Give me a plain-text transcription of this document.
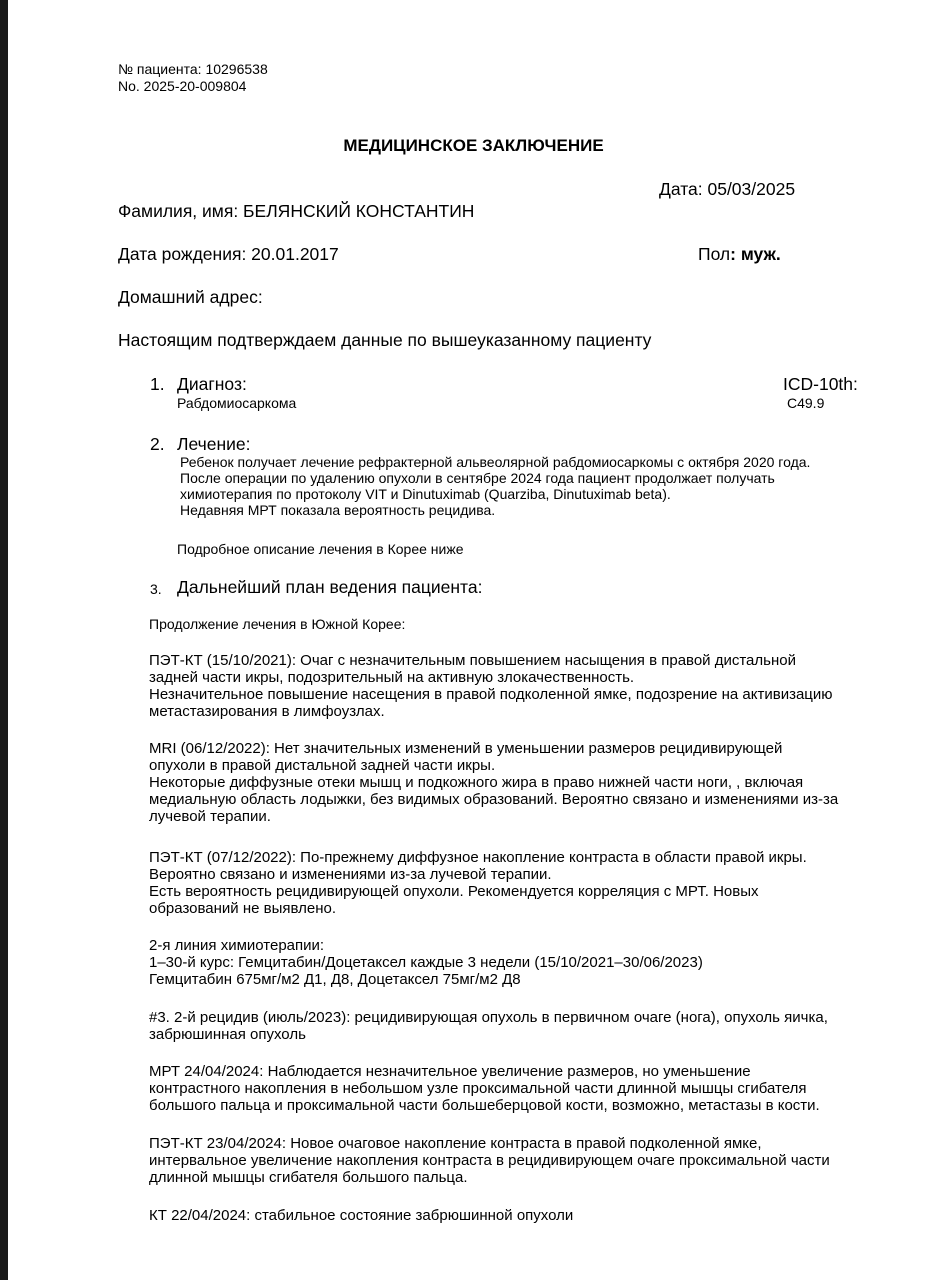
№ пациента: 10296538
No. 2025-20-009804
МЕДИЦИНСКОЕ ЗАКЛЮЧЕНИЕ
Дата: 05/03/2025
Фамилия, имя: БЕЛЯНСКИЙ КОНСТАНТИН
Дата рождения: 20.01.2017	Пол: муж.
Домашний адрес:
Настоящим подтверждаем данные по вышеуказанному пациенту
1. Диагноз:
Рабдомиосаркома
ICD-10th:
C49.9
2. Лечение:
Ребенок получает лечение рефрактерной альвеолярной рабдомиосаркомы с октября 2020 года.
После операции по удалению опухоли в сентябре 2024 года пациент продолжает получать
химиотерапия по протоколу VIT и Dinutuximab (Quarziba, Dinutuximab beta).
Недавняя МРТ показала вероятность рецидива.
Подробное описание лечения в Корее ниже
3. Дальнейший план ведения пациента:
Продолжение лечения в Южной Корее:
ПЭТ-КТ (15/10/2021): Очаг с незначительным повышением насыщения в правой дистальной
задней части икры, подозрительный на активную злокачественность.
Незначительное повышение насещения в правой подколенной ямке, подозрение на активизацию
метастазирования в лимфоузлах.
MRI (06/12/2022): Нет значительных изменений в уменьшении размеров рецидивирующей
опухоли в правой дистальной задней части икры.
Некоторые диффузные отеки мышц и подкожного жира в право нижней части ноги, , включая
медиальную область лодыжки, без видимых образований. Вероятно связано и изменениями из-за
лучевой терапии.
ПЭТ-КТ (07/12/2022): По-прежнему диффузное накопление контраста в области правой икры.
Вероятно связано и изменениями из-за лучевой терапии.
Есть вероятность рецидивирующей опухоли. Рекомендуется корреляция с МРТ. Новых
образований не выявлено.
2-я линия химиотерапии:
1–30-й курс: Гемцитабин/Доцетаксел каждые 3 недели (15/10/2021–30/06/2023)
Гемцитабин 675мг/м2 Д1, Д8, Доцетаксел 75мг/м2 Д8
#3. 2-й рецидив (июль/2023): рецидивирующая опухоль в первичном очаге (нога), опухоль яичка,
забрюшинная опухоль
МРТ 24/04/2024: Наблюдается незначительное увеличение размеров, но уменьшение
контрастного накопления в небольшом узле проксимальной части длинной мышцы сгибателя
большого пальца и проксимальной части большеберцовой кости, возможно, метастазы в кости.
ПЭТ-КТ 23/04/2024: Новое очаговое накопление контраста в правой подколенной ямке,
интервальное увеличение накопления контраста в рецидивирующем очаге проксимальной части
длинной мышцы сгибателя большого пальца.
КТ 22/04/2024: стабильное состояние забрюшинной опухоли
